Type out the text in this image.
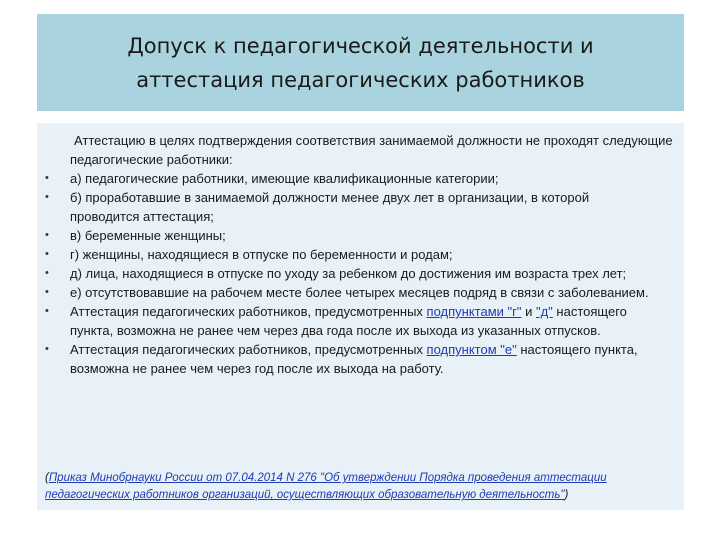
Допуск к педагогической деятельности и
аттестация педагогических работников
Аттестацию в целях подтверждения соответствия занимаемой должности не проходят следующие педагогические работники:
• а) педагогические работники, имеющие квалификационные категории;
• б) проработавшие в занимаемой должности менее двух лет в организации, в которой проводится аттестация;
• в) беременные женщины;
• г) женщины, находящиеся в отпуске по беременности и родам;
• д) лица, находящиеся в отпуске по уходу за ребенком до достижения им возраста трех лет;
• е) отсутствовавшие на рабочем месте более четырех месяцев подряд в связи с заболеванием.
• Аттестация педагогических работников, предусмотренных подпунктами "г" и "д" настоящего пункта, возможна не ранее чем через два года после их выхода из указанных отпусков.
• Аттестация педагогических работников, предусмотренных подпунктом "е" настоящего пункта, возможна не ранее чем через год после их выхода на работу.
(Приказ Минобрнауки России от 07.04.2014 N 276 "Об утверждении Порядка проведения аттестации педагогических работников организаций, осуществляющих образовательную деятельность")
